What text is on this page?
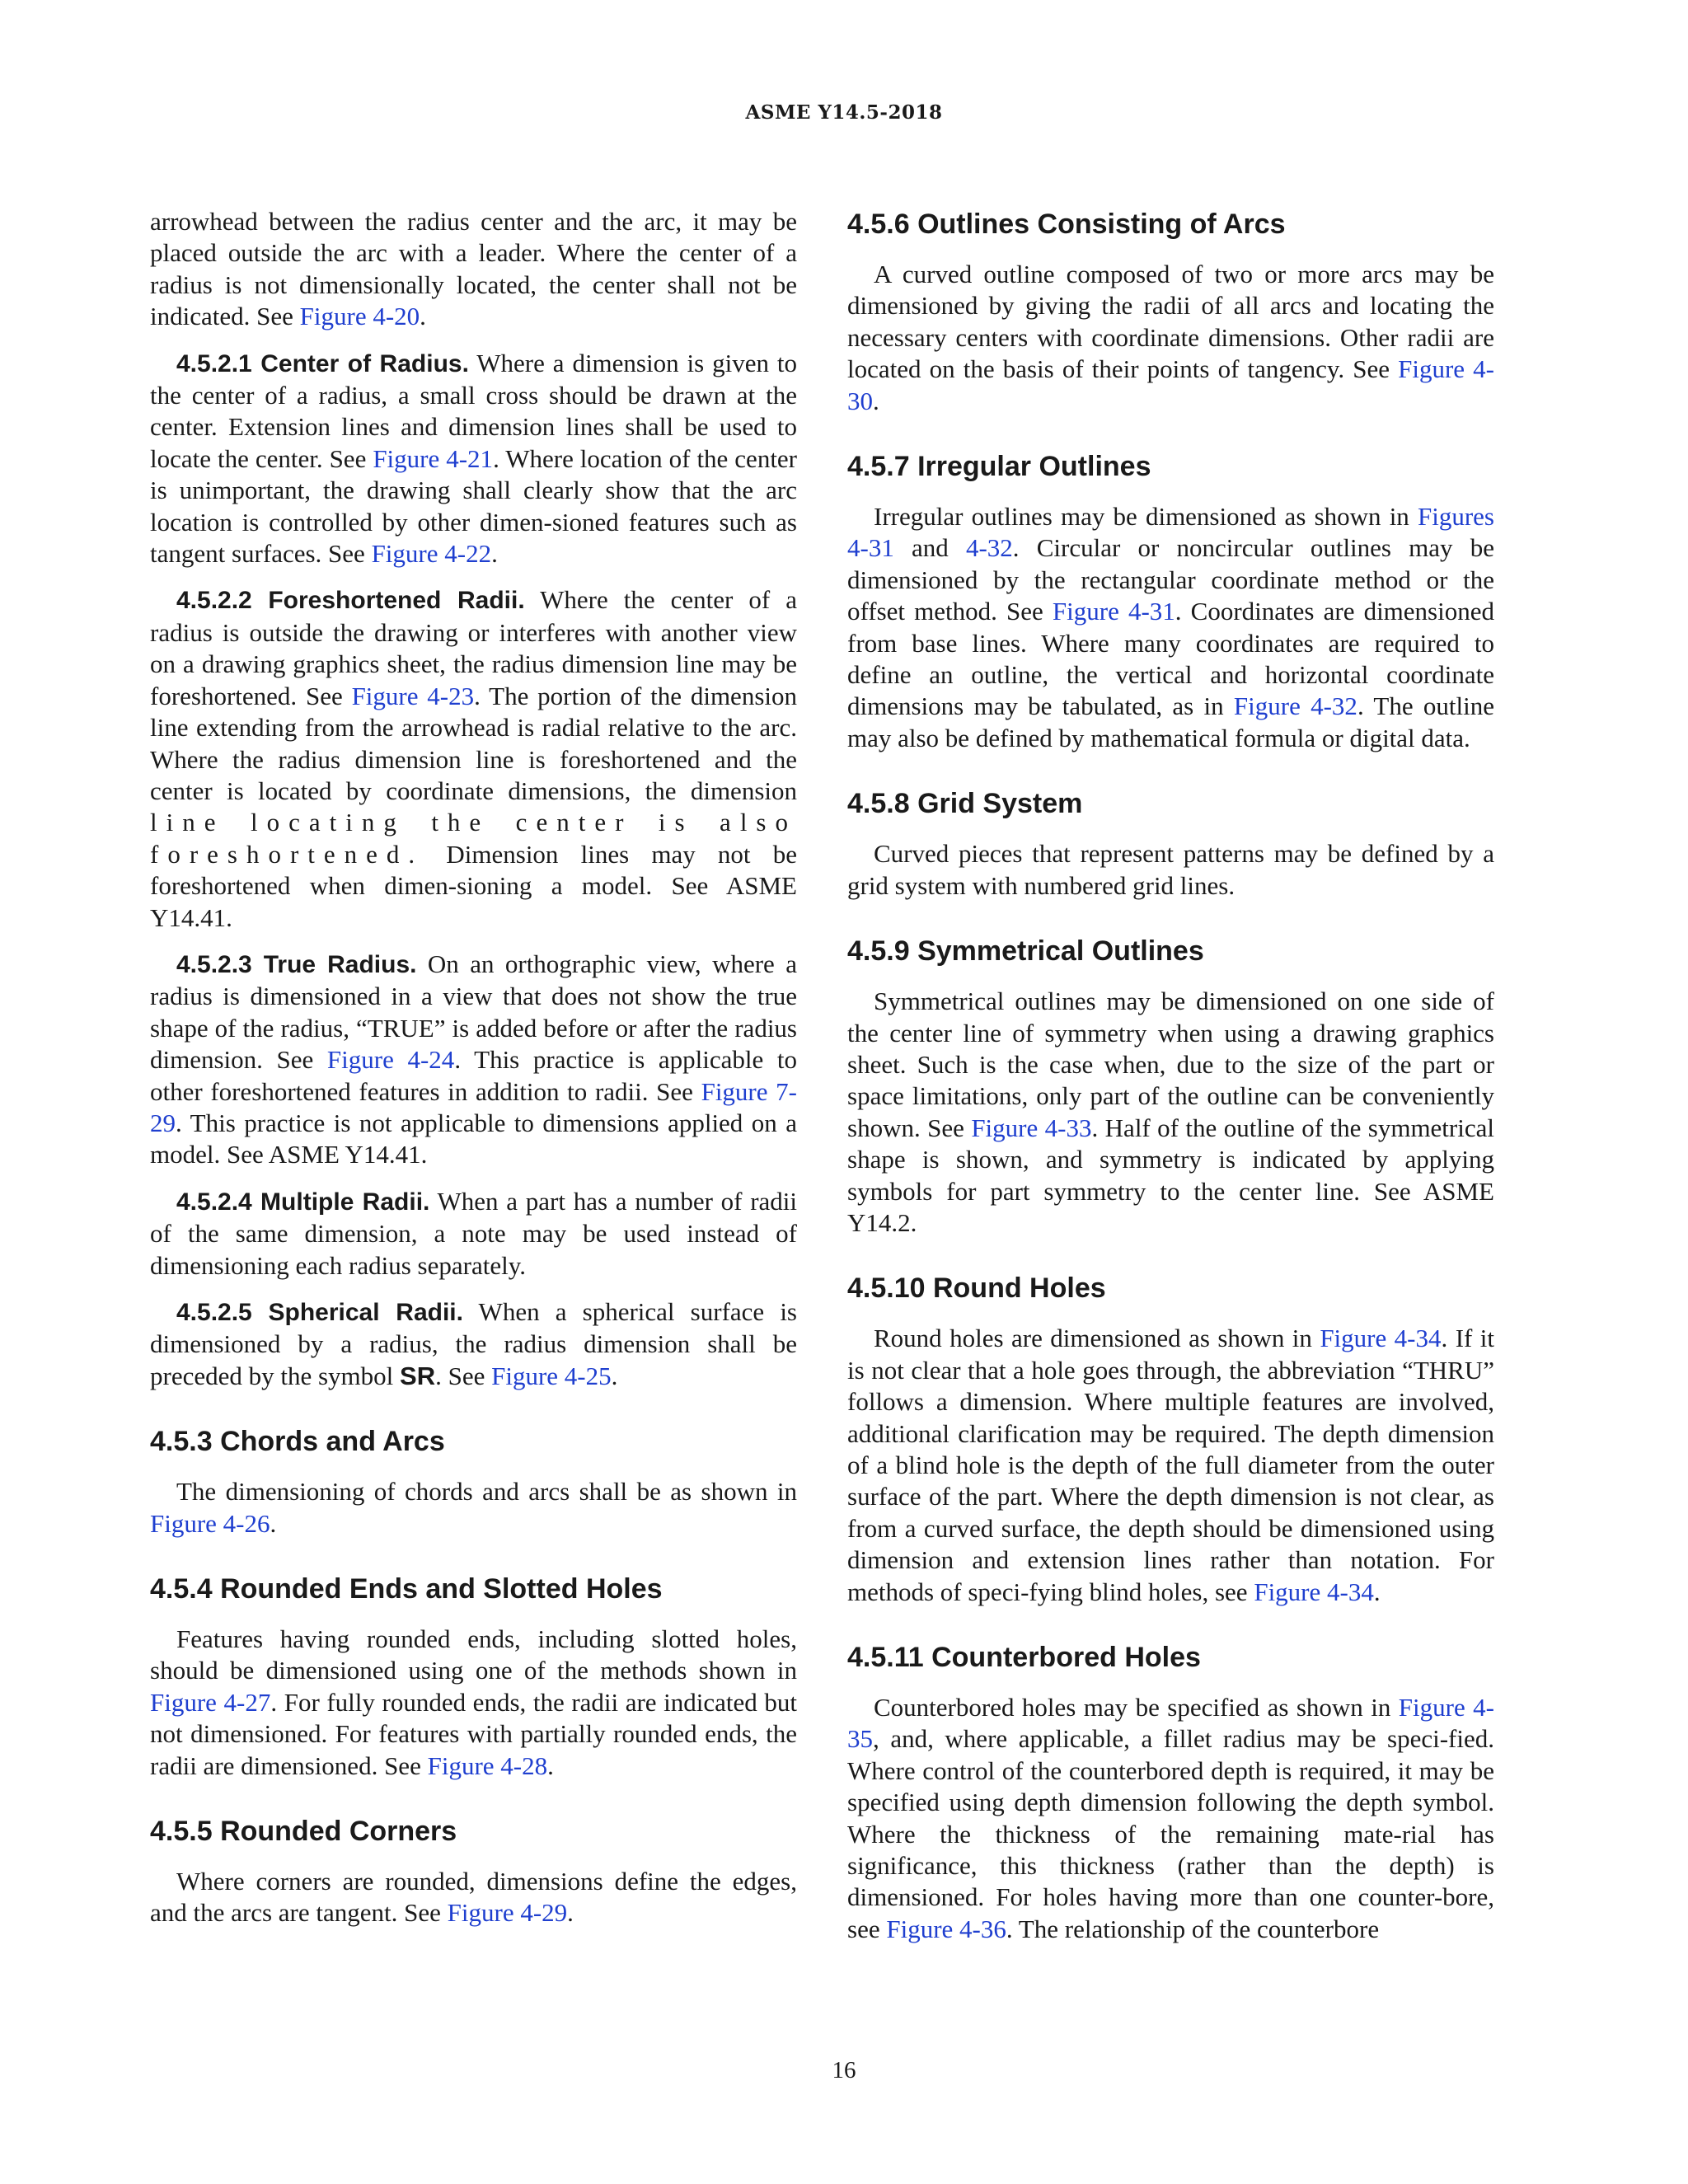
ASME Y14.5-2018

arrowhead between the radius center and the arc, it may be placed outside the arc with a leader. Where the center of a radius is not dimensionally located, the center shall not be indicated. See Figure 4-20.

4.5.2.1 Center of Radius. Where a dimension is given to the center of a radius, a small cross should be drawn at the center. Extension lines and dimension lines shall be used to locate the center. See Figure 4-21. Where location of the center is unimportant, the drawing shall clearly show that the arc location is controlled by other dimen-sioned features such as tangent surfaces. See Figure 4-22.

4.5.2.2 Foreshortened Radii. Where the center of a radius is outside the drawing or interferes with another view on a drawing graphics sheet, the radius dimension line may be foreshortened. See Figure 4-23. The portion of the dimension line extending from the arrowhead is radial relative to the arc. Where the radius dimension line is foreshortened and the center is located by coordinate dimensions, the dimension line locating the center is also foreshortened. Dimension lines may not be foreshortened when dimen-sioning a model. See ASME Y14.41.

4.5.2.3 True Radius. On an orthographic view, where a radius is dimensioned in a view that does not show the true shape of the radius, “TRUE” is added before or after the radius dimension. See Figure 4-24. This practice is applicable to other foreshortened features in addition to radii. See Figure 7-29. This practice is not applicable to dimensions applied on a model. See ASME Y14.41.

4.5.2.4 Multiple Radii. When a part has a number of radii of the same dimension, a note may be used instead of dimensioning each radius separately.

4.5.2.5 Spherical Radii. When a spherical surface is dimensioned by a radius, the radius dimension shall be preceded by the symbol SR. See Figure 4-25.

4.5.3 Chords and Arcs

The dimensioning of chords and arcs shall be as shown in Figure 4-26.

4.5.4 Rounded Ends and Slotted Holes

Features having rounded ends, including slotted holes, should be dimensioned using one of the methods shown in Figure 4-27. For fully rounded ends, the radii are indicated but not dimensioned. For features with partially rounded ends, the radii are dimensioned. See Figure 4-28.

4.5.5 Rounded Corners

Where corners are rounded, dimensions define the edges, and the arcs are tangent. See Figure 4-29.

4.5.6 Outlines Consisting of Arcs

A curved outline composed of two or more arcs may be dimensioned by giving the radii of all arcs and locating the necessary centers with coordinate dimensions. Other radii are located on the basis of their points of tangency. See Figure 4-30.

4.5.7 Irregular Outlines

Irregular outlines may be dimensioned as shown in Figures 4-31 and 4-32. Circular or noncircular outlines may be dimensioned by the rectangular coordinate method or the offset method. See Figure 4-31. Coordinates are dimensioned from base lines. Where many coordinates are required to define an outline, the vertical and horizontal coordinate dimensions may be tabulated, as in Figure 4-32. The outline may also be defined by mathematical formula or digital data.

4.5.8 Grid System

Curved pieces that represent patterns may be defined by a grid system with numbered grid lines.

4.5.9 Symmetrical Outlines

Symmetrical outlines may be dimensioned on one side of the center line of symmetry when using a drawing graphics sheet. Such is the case when, due to the size of the part or space limitations, only part of the outline can be conveniently shown. See Figure 4-33. Half of the outline of the symmetrical shape is shown, and symmetry is indicated by applying symbols for part symmetry to the center line. See ASME Y14.2.

4.5.10 Round Holes

Round holes are dimensioned as shown in Figure 4-34. If it is not clear that a hole goes through, the abbreviation “THRU” follows a dimension. Where multiple features are involved, additional clarification may be required. The depth dimension of a blind hole is the depth of the full diameter from the outer surface of the part. Where the depth dimension is not clear, as from a curved surface, the depth should be dimensioned using dimension and extension lines rather than notation. For methods of speci-fying blind holes, see Figure 4-34.

4.5.11 Counterbored Holes

Counterbored holes may be specified as shown in Figure 4-35, and, where applicable, a fillet radius may be speci-fied. Where control of the counterbored depth is required, it may be specified using depth dimension following the depth symbol. Where the thickness of the remaining mate-rial has significance, this thickness (rather than the depth) is dimensioned. For holes having more than one counter-bore, see Figure 4-36. The relationship of the counterbore

16
